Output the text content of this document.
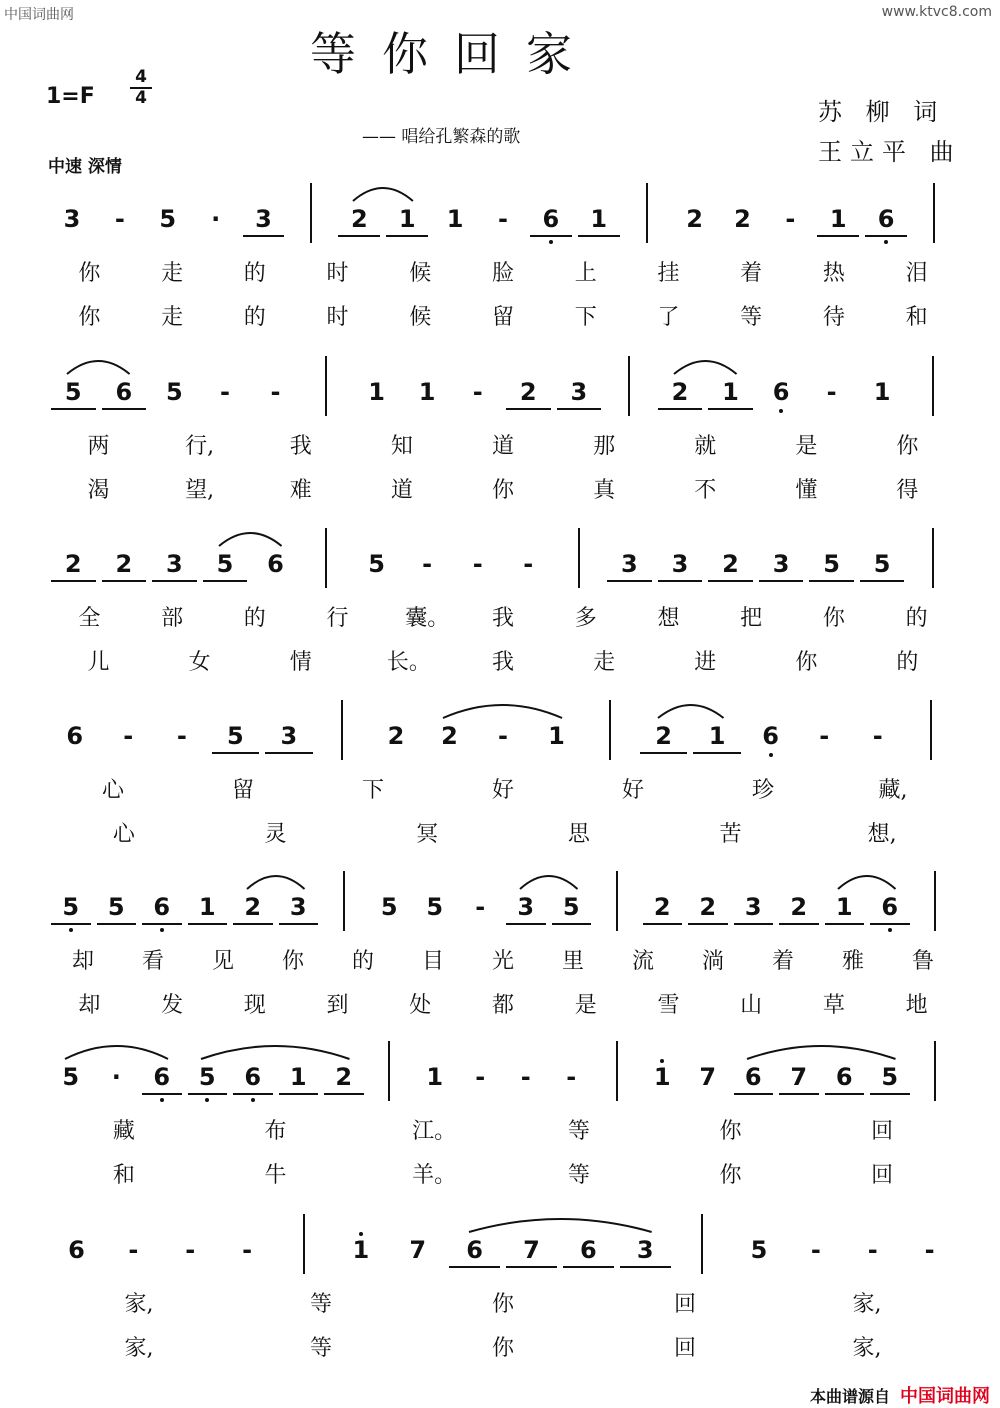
中国词曲网	www.ktvc8.com
等你回家
1=F
4
4
—— 唱给孔繁森的歌
中速 深情
苏 柳 词
王立平 曲
3 - 5 · 3	2 1 1 - 6 1	2 2 - 1 6
你	走	的	时	候	脸	上	挂	着	热	泪
你	走	的	时	候	留	下	了	等	待	和
5 6 5 - -	1 1 - 2 3	2 1 6 - 1
两	行,	我	知	道	那	就	是	你
渴	望,	难	道	你	真	不	懂	得
2 2 3 5 6	5 - - -	3 3 2 3 5 5
全	部	的	行	囊。 我	多	想	把	你	的
儿	女	情	长。	我	走	进	你	的
6 - - 5 3	2 2 - 1	2 1 6 - -
心	留	下	好	好	珍	藏,
心	灵	冥	思	苦	想,
5 5 6 1 2 3	5 5 - 3 5	2 2 3 2 1 6
却 看 见 你 的 目 光 里 流 淌 着 雅 鲁
却	发	现	到	处	都	是	雪	山	草	地
5 · 6 5 6 1 2	1 - - -	1 7 6 7 6 5
藏	布	江。	等	你	回
和	牛	羊。	等	你	回
6 - - -	1 7 6 7 6 3	5 - - -
家,	等	你	回	家,
家,	等	你	回	家,
本曲谱源自 中国词曲网
